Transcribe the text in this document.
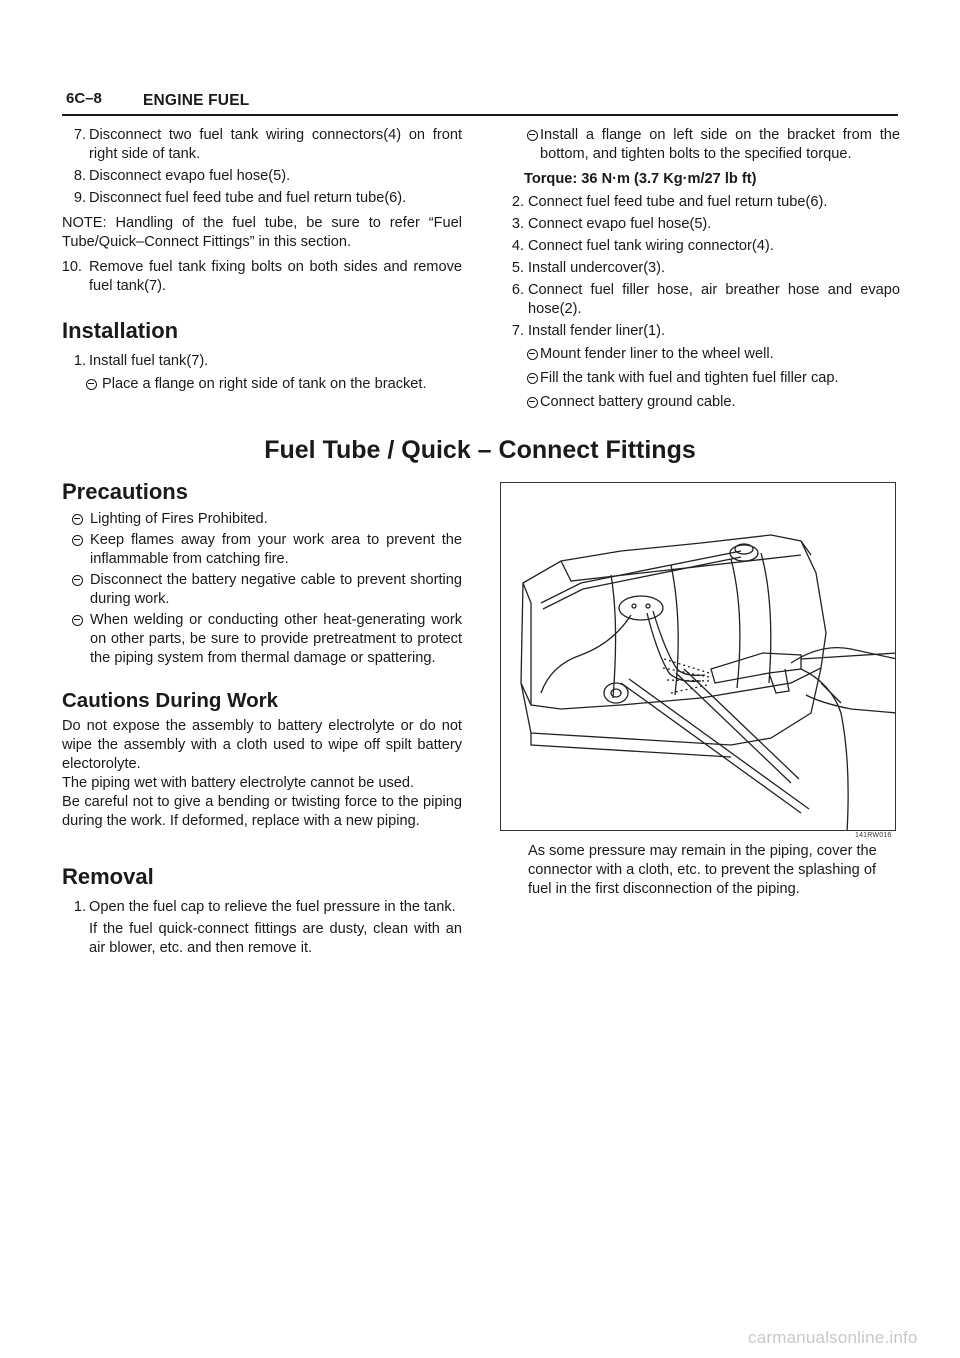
6C–8	ENGINE FUEL

7. Disconnect two fuel tank wiring connectors(4) on front right side of tank.

8. Disconnect evapo fuel hose(5).

9. Disconnect fuel feed tube and fuel return tube(6).

NOTE: Handling of the fuel tube, be sure to refer “Fuel Tube/Quick–Connect Fittings” in this section.

10. Remove fuel tank fixing bolts on both sides and remove fuel tank(7).

Installation

1. Install fuel tank(7).

Place a flange on right side of tank on the bracket.

Install a flange on left side on the bracket from the bottom, and tighten bolts to the specified torque.

Torque: 36 N·m (3.7 Kg·m/27 lb ft)

2. Connect fuel feed tube and fuel return tube(6).

3. Connect evapo fuel hose(5).

4. Connect fuel tank wiring connector(4).

5. Install undercover(3).

6. Connect fuel filler hose, air breather hose and evapo hose(2).

7. Install fender liner(1).

Mount fender liner to the wheel well.

Fill the tank with fuel and tighten fuel filler cap.

Connect battery ground cable.

Fuel Tube / Quick – Connect Fittings
Precautions

Lighting of Fires Prohibited.

Keep flames away from your work area to prevent the inflammable from catching fire.

Disconnect the battery negative cable to prevent shorting during work.

When welding or conducting other heat-generating work on other parts, be sure to provide pretreatment to protect the piping system from thermal damage or spattering.

Cautions During Work

Do not expose the assembly to battery electrolyte or do not wipe the assembly with a cloth used to wipe off spilt battery electorolyte.

The piping wet with battery electrolyte cannot be used.

Be careful not to give a bending or twisting force to the piping during the work. If deformed, replace with a new piping.

Removal

1. Open the fuel cap to relieve the fuel pressure in the tank.

If the fuel quick-connect fittings are dusty, clean with an air blower, etc. and then remove it.

141RW016
As some pressure may remain in the piping, cover the connector with a cloth, etc. to prevent the splashing of fuel in the first disconnection of the piping.
carmanualsonline.info
